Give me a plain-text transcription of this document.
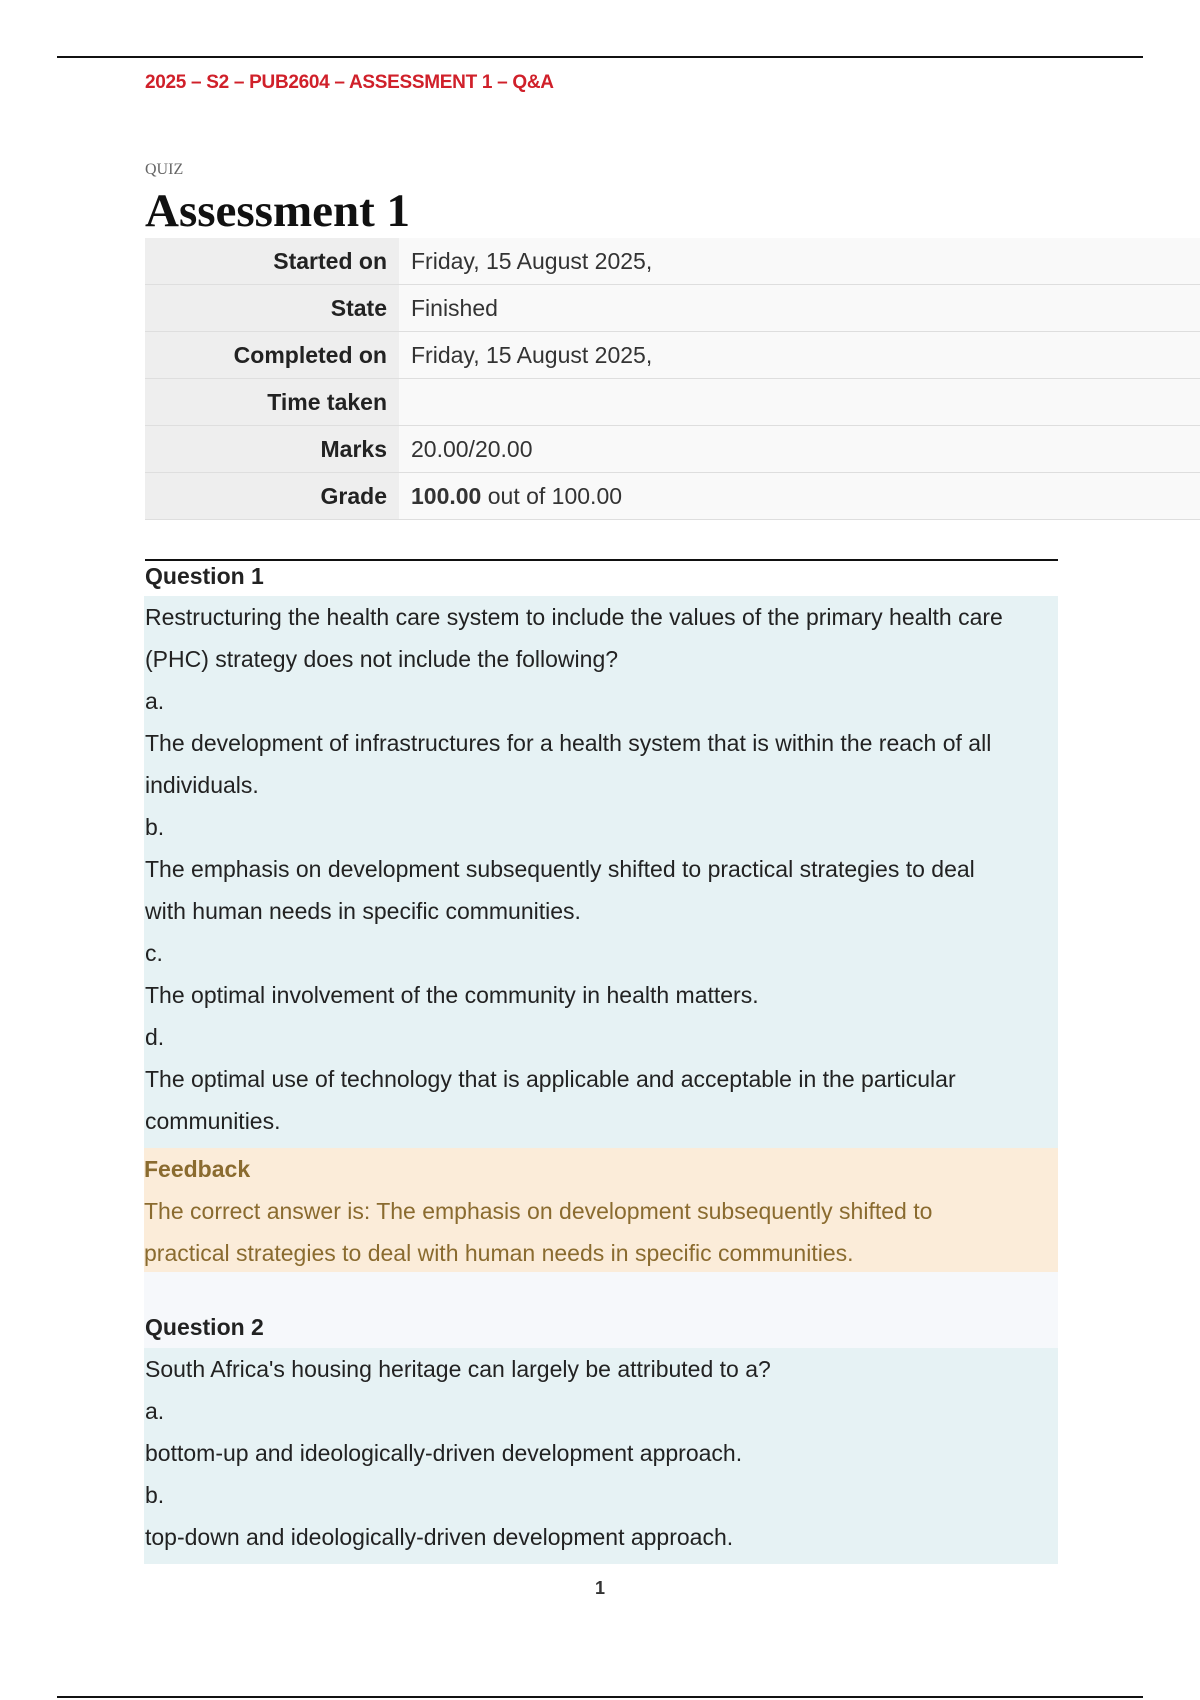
2025 – S2 – PUB2604 – ASSESSMENT 1 – Q&A
QUIZ
Assessment 1
Started on	Friday, 15 August 2025,
State	Finished
Completed on	Friday, 15 August 2025,
Time taken	
Marks	20.00/20.00
Grade	100.00 out of 100.00
Question 1
Restructuring the health care system to include the values of the primary health care
(PHC) strategy does not include the following?
a.
The development of infrastructures for a health system that is within the reach of all
individuals.
b.
The emphasis on development subsequently shifted to practical strategies to deal
with human needs in specific communities.
c.
The optimal involvement of the community in health matters.
d.
The optimal use of technology that is applicable and acceptable in the particular
communities.
Feedback
The correct answer is: The emphasis on development subsequently shifted to
practical strategies to deal with human needs in specific communities.
Question 2
South Africa's housing heritage can largely be attributed to a?
a.
bottom-up and ideologically-driven development approach.
b.
top-down and ideologically-driven development approach.
1
